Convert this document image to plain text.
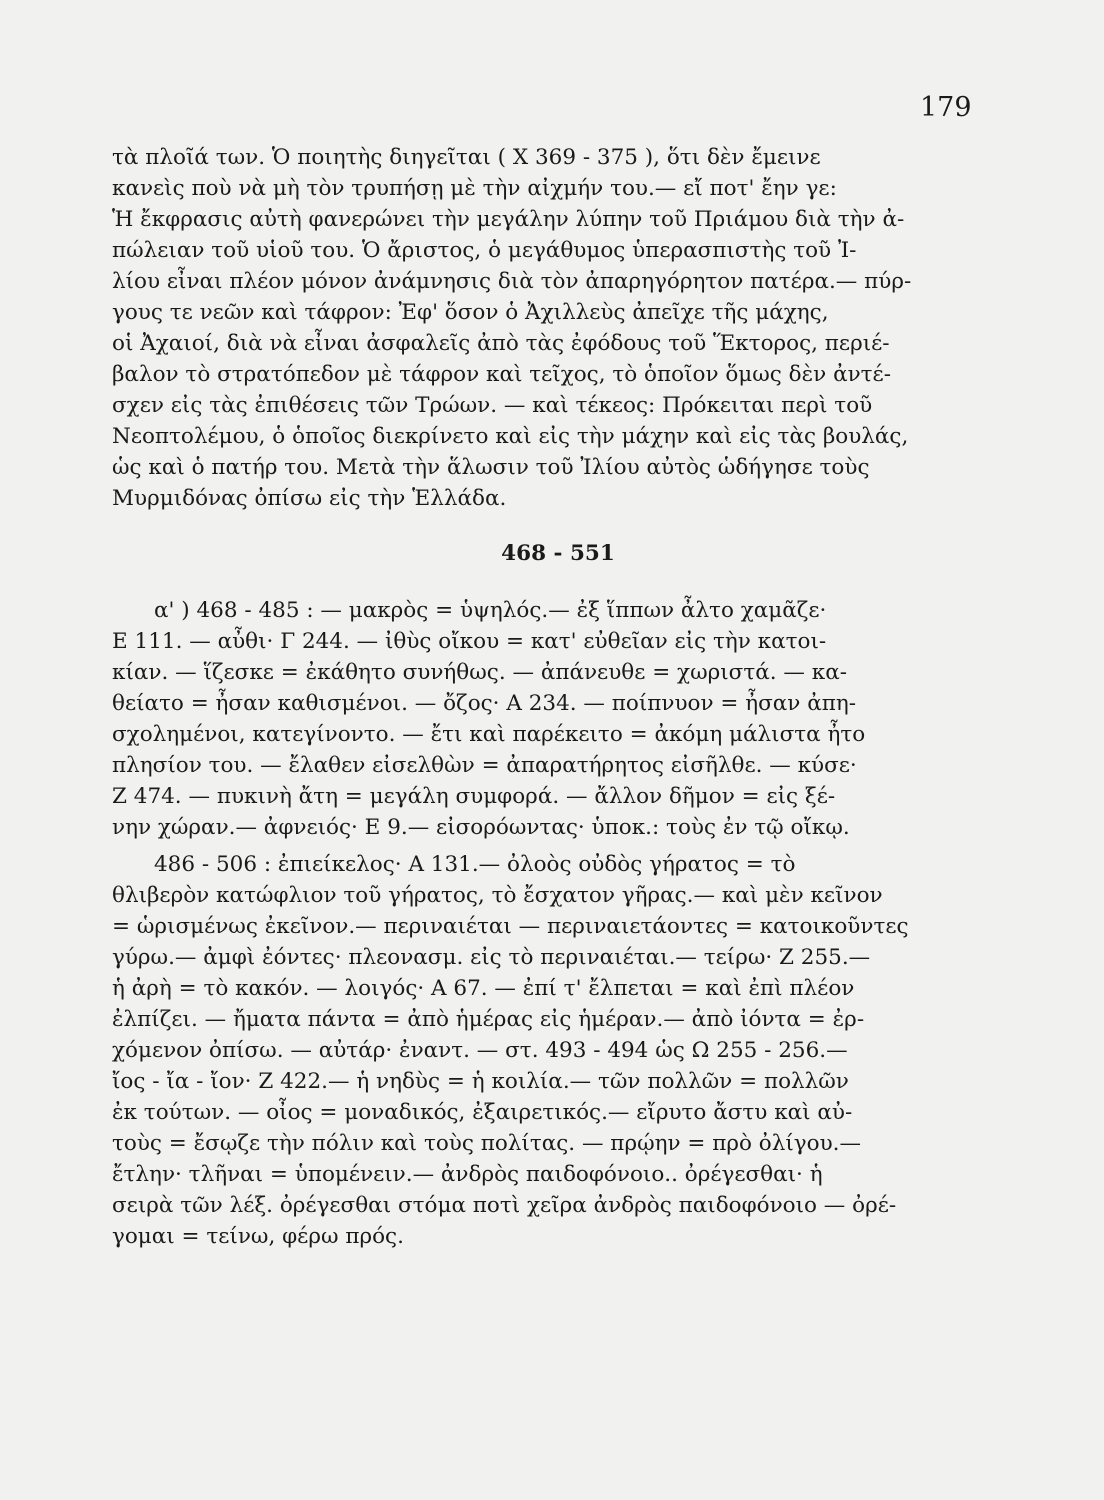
179
τὰ πλοῖά των. Ὁ ποιητὴς διηγεῖται ( X 369 - 375 ), ὅτι δὲν ἔμεινε
κανεὶς ποὺ νὰ μὴ τὸν τρυπήσῃ μὲ τὴν αἰχμήν του.— εἴ ποτ' ἔην γε:
Ἡ ἔκφρασις αὐτὴ φανερώνει τὴν μεγάλην λύπην τοῦ Πριάμου διὰ τὴν ἀ-
πώλειαν τοῦ υἱοῦ του. Ὁ ἄριστος, ὁ μεγάθυμος ὑπερασπιστὴς τοῦ Ἰ-
λίου εἶναι πλέον μόνον ἀνάμνησις διὰ τὸν ἀπαρηγόρητον πατέρα.— πύρ-
γους τε νεῶν καὶ τάφρον: Ἐφ' ὅσον ὁ Ἀχιλλεὺς ἀπεῖχε τῆς μάχης,
οἱ Ἀχαιοί, διὰ νὰ εἶναι ἀσφαλεῖς ἀπὸ τὰς ἐφόδους τοῦ Ἕκτορος, περιέ-
βαλον τὸ στρατόπεδον μὲ τάφρον καὶ τεῖχος, τὸ ὁποῖον ὅμως δὲν ἀντέ-
σχεν εἰς τὰς ἐπιθέσεις τῶν Τρώων. — καὶ τέκεος: Πρόκειται περὶ τοῦ
Νεοπτολέμου, ὁ ὁποῖος διεκρίνετο καὶ εἰς τὴν μάχην καὶ εἰς τὰς βουλάς,
ὡς καὶ ὁ πατήρ του. Μετὰ τὴν ἅλωσιν τοῦ Ἰλίου αὐτὸς ὡδήγησε τοὺς
Μυρμιδόνας ὀπίσω εἰς τὴν Ἑλλάδα.
468 - 551
α' ) 468 - 485 : — μακρὸς = ὑψηλός.— ἐξ ἵππων ἆλτο χαμᾶζε·
E 111. — αὖθι· Γ 244. — ἰθὺς οἴκου = κατ' εὐθεῖαν εἰς τὴν κατοι-
κίαν. — ἵζεσκε = ἐκάθητο συνήθως. — ἀπάνευθε = χωριστά. — κα-
θείατο = ἦσαν καθισμένοι. — ὄζος· A 234. — ποίπνυον = ἦσαν ἀπη-
σχολημένοι, κατεγίνοντο. — ἔτι καὶ παρέκειτο = ἀκόμη μάλιστα ἦτο
πλησίον του. — ἔλαθεν εἰσελθὼν = ἀπαρατήρητος εἰσῆλθε. — κύσε·
Z 474. — πυκινὴ ἄτη = μεγάλη συμφορά. — ἄλλον δῆμον = εἰς ξέ-
νην χώραν.— ἀφνειός· E 9.— εἰσορόωντας· ὑποκ.: τοὺς ἐν τῷ οἴκῳ.
486 - 506 : ἐπιείκελος· A 131.— ὀλοὸς οὐδὸς γήρατος = τὸ
θλιβερὸν κατώφλιον τοῦ γήρατος, τὸ ἔσχατον γῆρας.— καὶ μὲν κεῖνον
= ὡρισμένως ἐκεῖνον.— περιναιέται — περιναιετάοντες = κατοικοῦντες
γύρω.— ἀμφὶ ἐόντες· πλεονασμ. εἰς τὸ περιναιέται.— τείρω· Z 255.—
ἡ ἀρὴ = τὸ κακόν. — λοιγός· A 67. — ἐπί τ' ἔλπεται = καὶ ἐπὶ πλέον
ἐλπίζει. — ἤματα πάντα = ἀπὸ ἡμέρας εἰς ἡμέραν.— ἀπὸ ἰόντα = ἐρ-
χόμενον ὀπίσω. — αὐτάρ· ἐναντ. — στ. 493 - 494 ὡς Ω 255 - 256.—
ἴος - ἴα - ἴον· Z 422.— ἡ νηδὺς = ἡ κοιλία.— τῶν πολλῶν = πολλῶν
ἐκ τούτων. — οἶος = μοναδικός, ἐξαιρετικός.— εἴρυτο ἄστυ καὶ αὐ-
τοὺς = ἔσῳζε τὴν πόλιν καὶ τοὺς πολίτας. — πρῴην = πρὸ ὀλίγου.—
ἔτλην· τλῆναι = ὑπομένειν.— ἀνδρὸς παιδοφόνοιο.. ὀρέγεσθαι· ἡ
σειρὰ τῶν λέξ. ὀρέγεσθαι στόμα ποτὶ χεῖρα ἀνδρὸς παιδοφόνοιο — ὀρέ-
γομαι = τείνω, φέρω πρός.
